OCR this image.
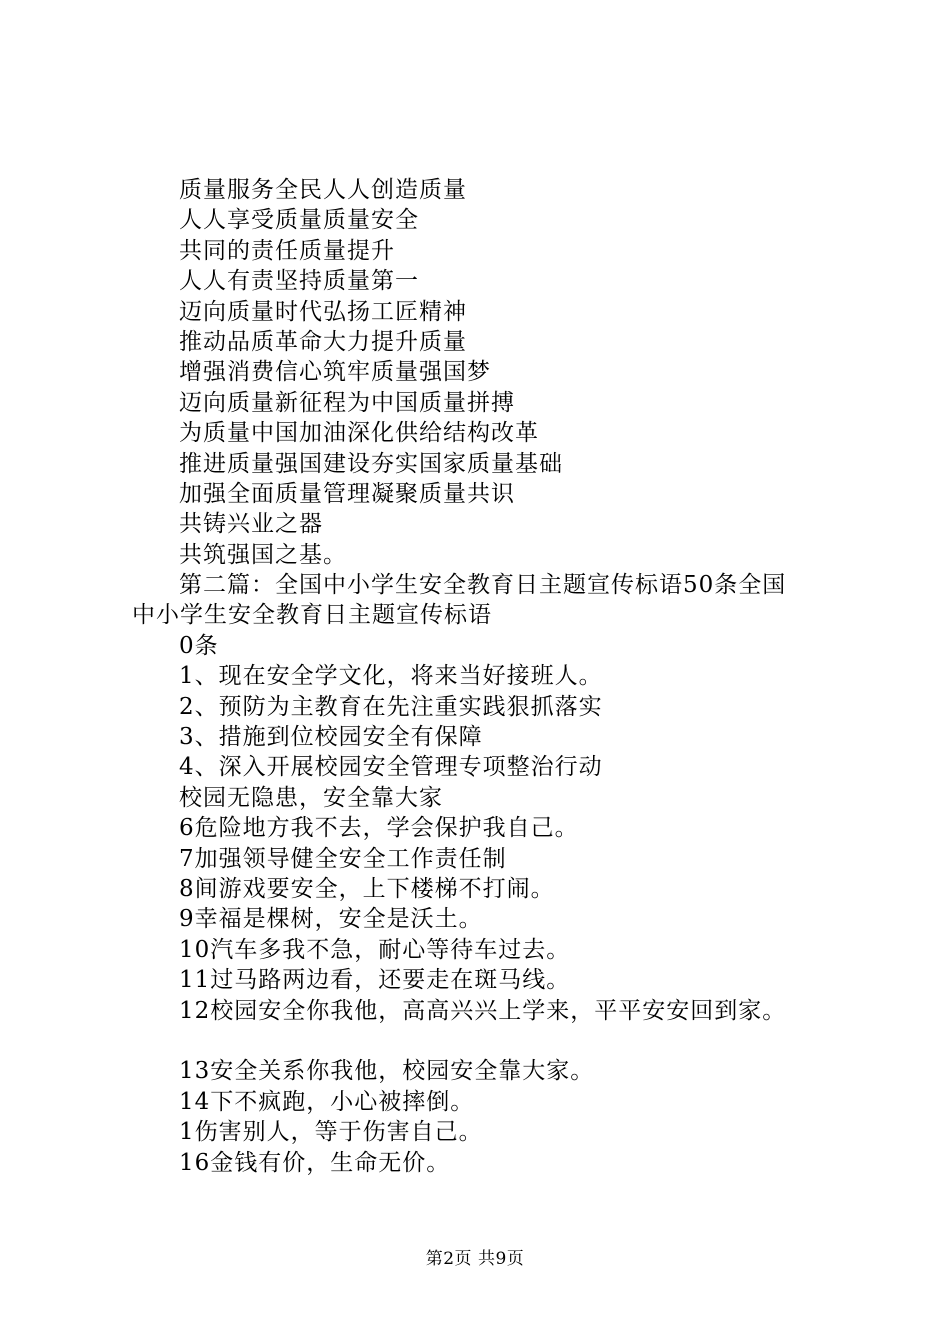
质量服务全民人人创造质量
人人享受质量质量安全
共同的责任质量提升
人人有责坚持质量第一
迈向质量时代弘扬工匠精神
推动品质革命大力提升质量
增强消费信心筑牢质量强国梦
迈向质量新征程为中国质量拼搏
为质量中国加油深化供给结构改革
推进质量强国建设夯实国家质量基础
加强全面质量管理凝聚质量共识
共铸兴业之器
共筑强国之基。
第二篇：全国中小学生安全教育日主题宣传标语50条全国
中小学生安全教育日主题宣传标语
0条
1、现在安全学文化，将来当好接班人。
2、预防为主教育在先注重实践狠抓落实
3、措施到位校园安全有保障
4、深入开展校园安全管理专项整治行动
校园无隐患，安全靠大家
6危险地方我不去，学会保护我自己。
7加强领导健全安全工作责任制
8间游戏要安全，上下楼梯不打闹。
9幸福是棵树，安全是沃土。
10汽车多我不急，耐心等待车过去。
11过马路两边看，还要走在斑马线。
12校园安全你我他，高高兴兴上学来，平平安安回到家。
13安全关系你我他，校园安全靠大家。
14下不疯跑，小心被摔倒。
1伤害别人，等于伤害自己。
16金钱有价，生命无价。
第2页 共9页
